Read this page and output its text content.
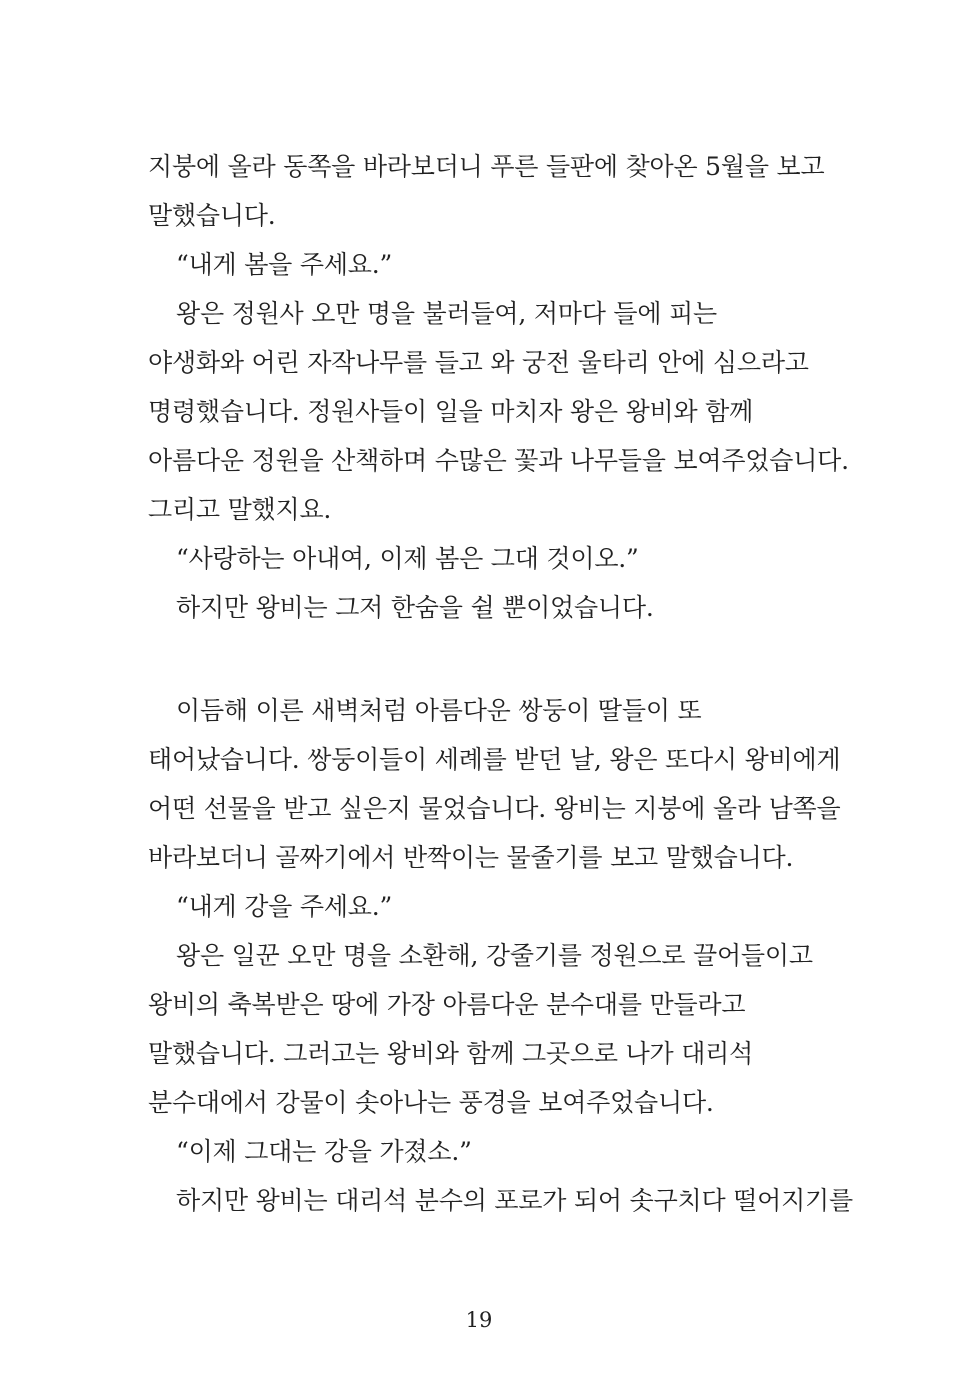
지붕에 올라 동쪽을 바라보더니 푸른 들판에 찾아온 5월을 보고
말했습니다.
“내게 봄을 주세요.”
왕은 정원사 오만 명을 불러들여, 저마다 들에 피는
야생화와 어린 자작나무를 들고 와 궁전 울타리 안에 심으라고
명령했습니다. 정원사들이 일을 마치자 왕은 왕비와 함께
아름다운 정원을 산책하며 수많은 꽃과 나무들을 보여주었습니다.
그리고 말했지요.
“사랑하는 아내여, 이제 봄은 그대 것이오.”
하지만 왕비는 그저 한숨을 쉴 뿐이었습니다.
이듬해 이른 새벽처럼 아름다운 쌍둥이 딸들이 또
태어났습니다. 쌍둥이들이 세례를 받던 날, 왕은 또다시 왕비에게
어떤 선물을 받고 싶은지 물었습니다. 왕비는 지붕에 올라 남쪽을
바라보더니 골짜기에서 반짝이는 물줄기를 보고 말했습니다.
“내게 강을 주세요.”
왕은 일꾼 오만 명을 소환해, 강줄기를 정원으로 끌어들이고
왕비의 축복받은 땅에 가장 아름다운 분수대를 만들라고
말했습니다. 그러고는 왕비와 함께 그곳으로 나가 대리석
분수대에서 강물이 솟아나는 풍경을 보여주었습니다.
“이제 그대는 강을 가졌소.”
하지만 왕비는 대리석 분수의 포로가 되어 솟구치다 떨어지기를
19
